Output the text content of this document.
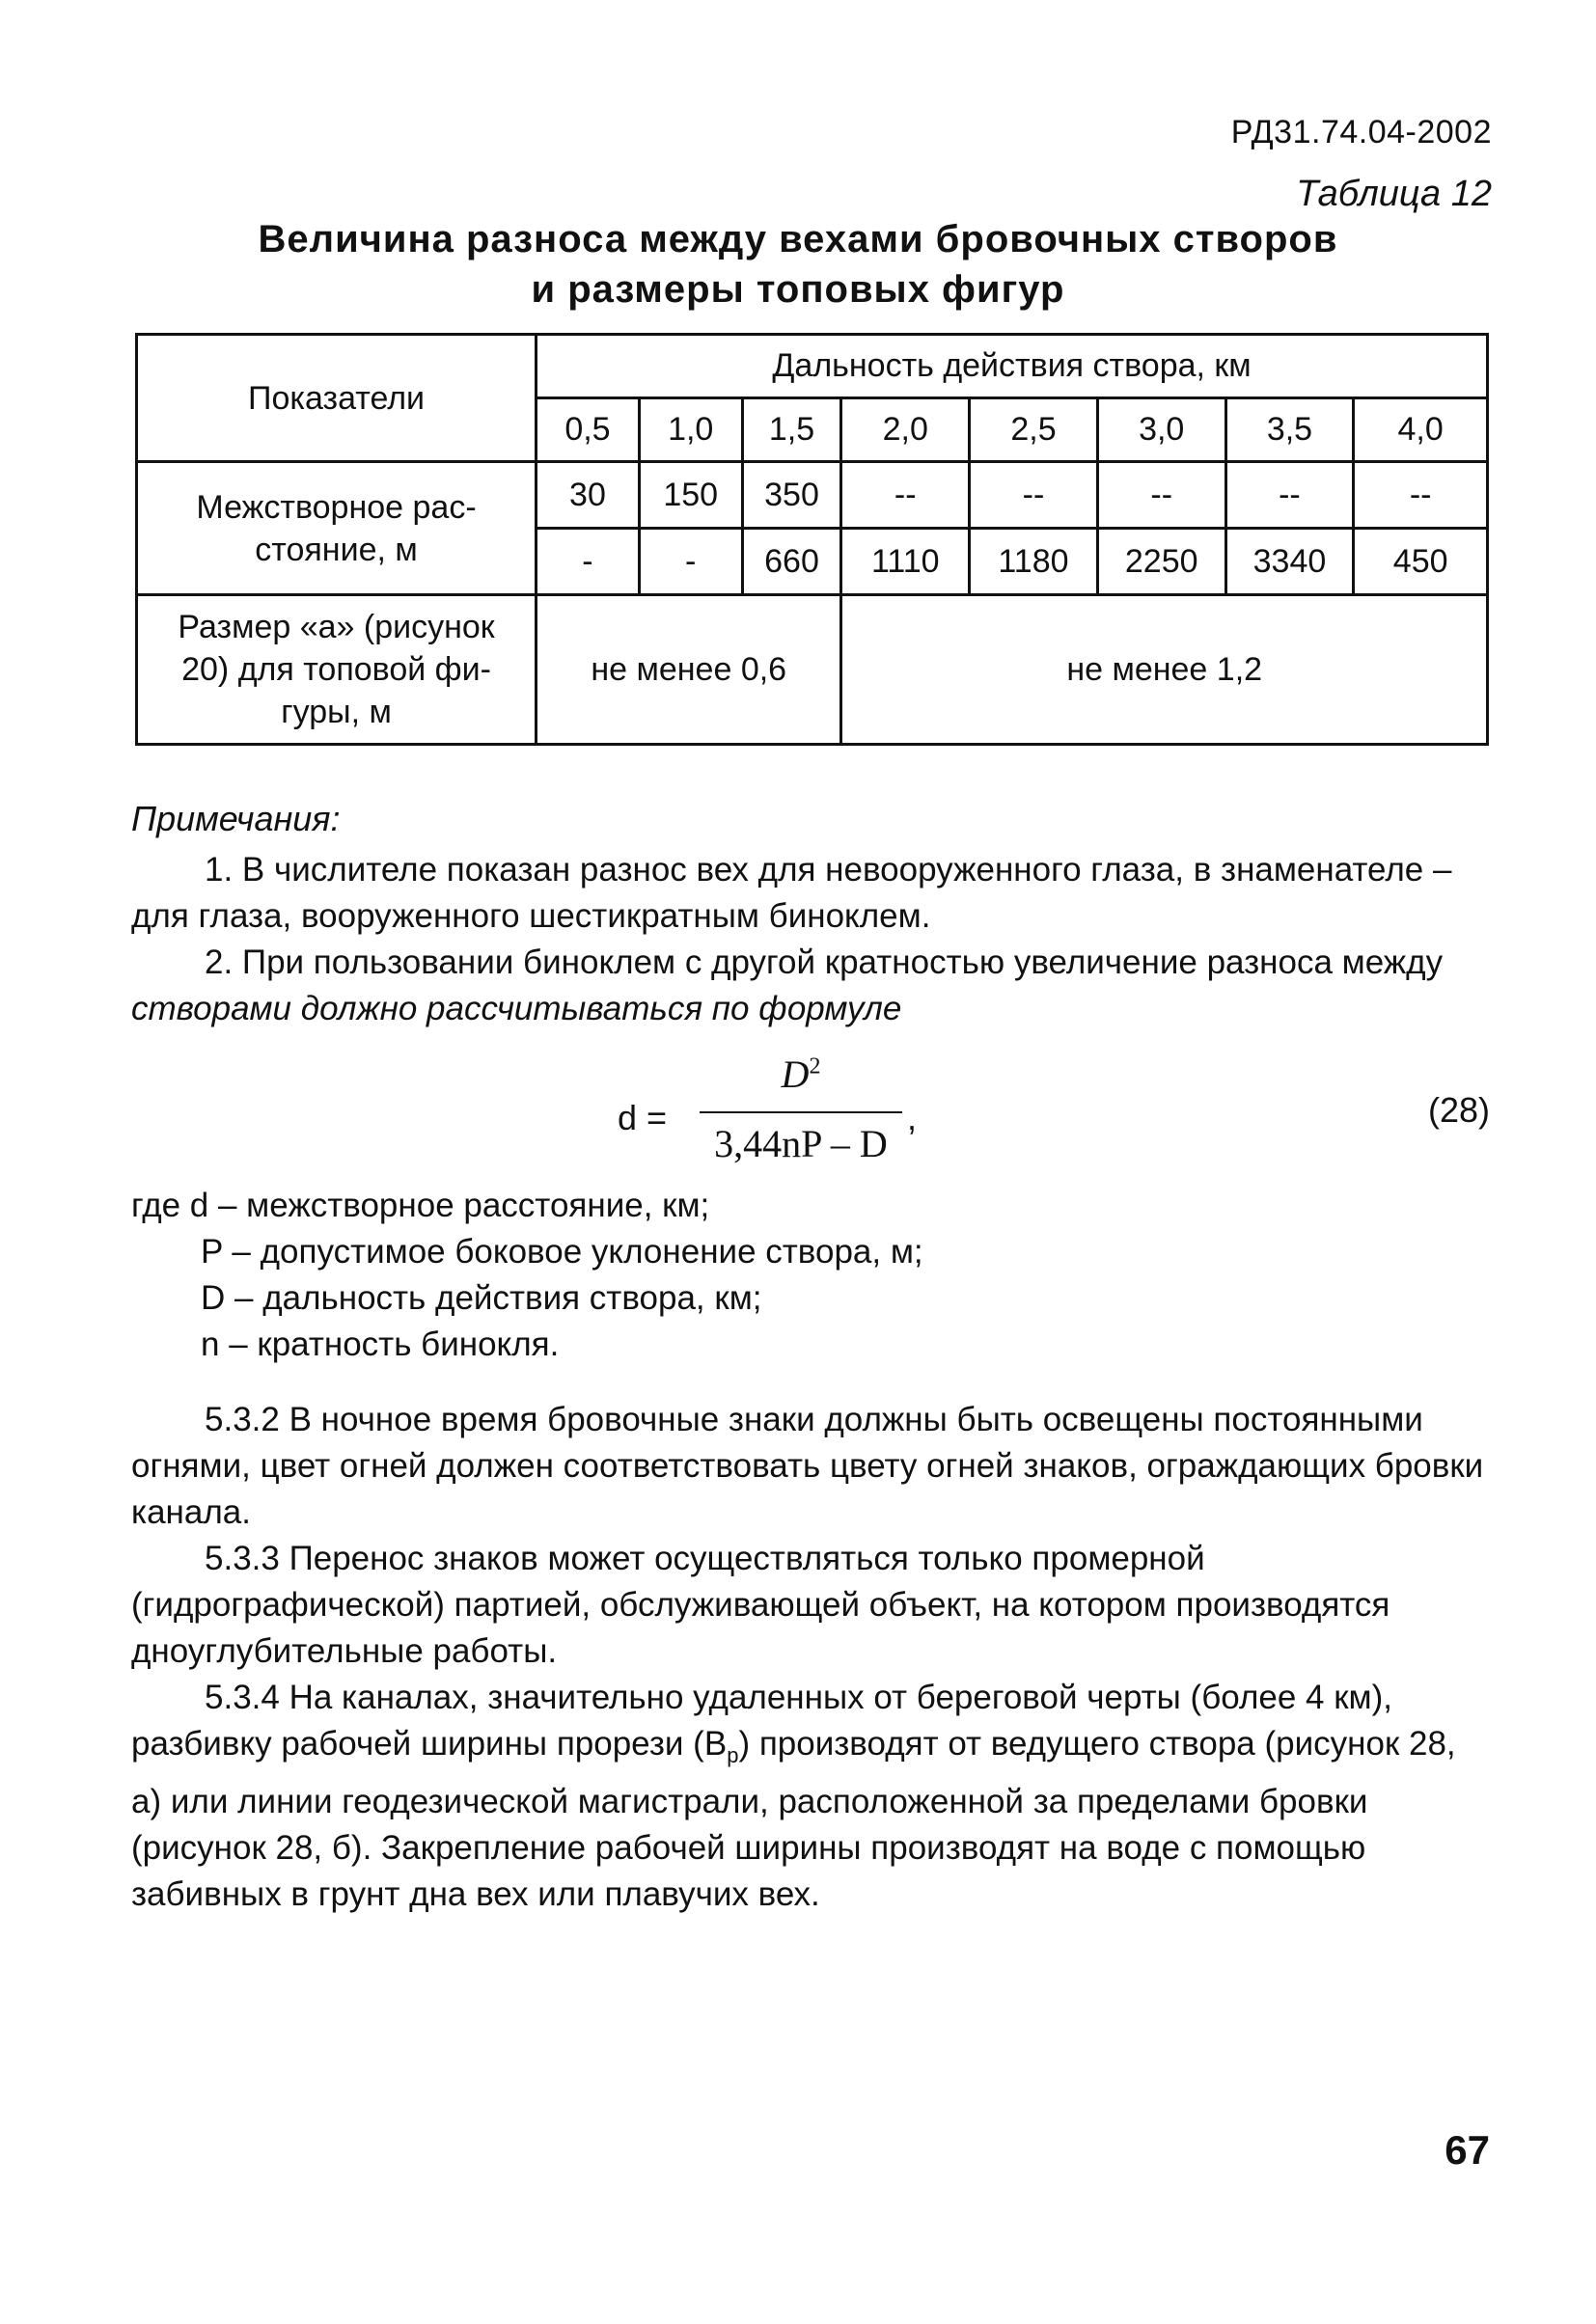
РД31.74.04-2002
Таблица 12
Величина разноса между вехами бровочных створов
и размеры топовых фигур
Показатели	Дальность действия створа, км							
	0,5	1,0	1,5	2,0	2,5	3,0	3,5	4,0

Межстворное рас-
стояние, м	30	150	350	--	--	--	--	--
	-	-	660	1110	1180	2250	3340	450

Размер «а» (рисунок
20) для топовой фи-
гуры, м	не менее 0,6			не менее 1,2				
Примечания:
1. В числителе показан разнос вех для невооруженного глаза, в знаменателе – для глаза, вооруженного шестикратным биноклем.
2. При пользовании биноклем с другой кратностью увеличение разноса между створами должно рассчитываться по формуле
d =
$D^2$
3,44nP – D
,	(28)
где d – межстворное расстояние, км;
P – допустимое боковое уклонение створа, м;
D – дальность действия створа, км;
n – кратность бинокля.
5.3.2 В ночное время бровочные знаки должны быть освещены постоянными огнями, цвет огней должен соответствовать цвету огней знаков, ограждающих бровки канала.
5.3.3 Перенос знаков может осуществляться только промерной (гидрографической) партией, обслуживающей объект, на котором производятся дноуглубительные работы.
5.3.4 На каналах, значительно удаленных от береговой черты (более 4 км), разбивку рабочей ширины прорези $(B_р)$ производят от ведущего створа (рисунок 28, а) или линии геодезической магистрали, расположенной за пределами бровки (рисунок 28, б). Закрепление рабочей ширины производят на воде с помощью забивных в грунт дна вех или плавучих вех.
67
